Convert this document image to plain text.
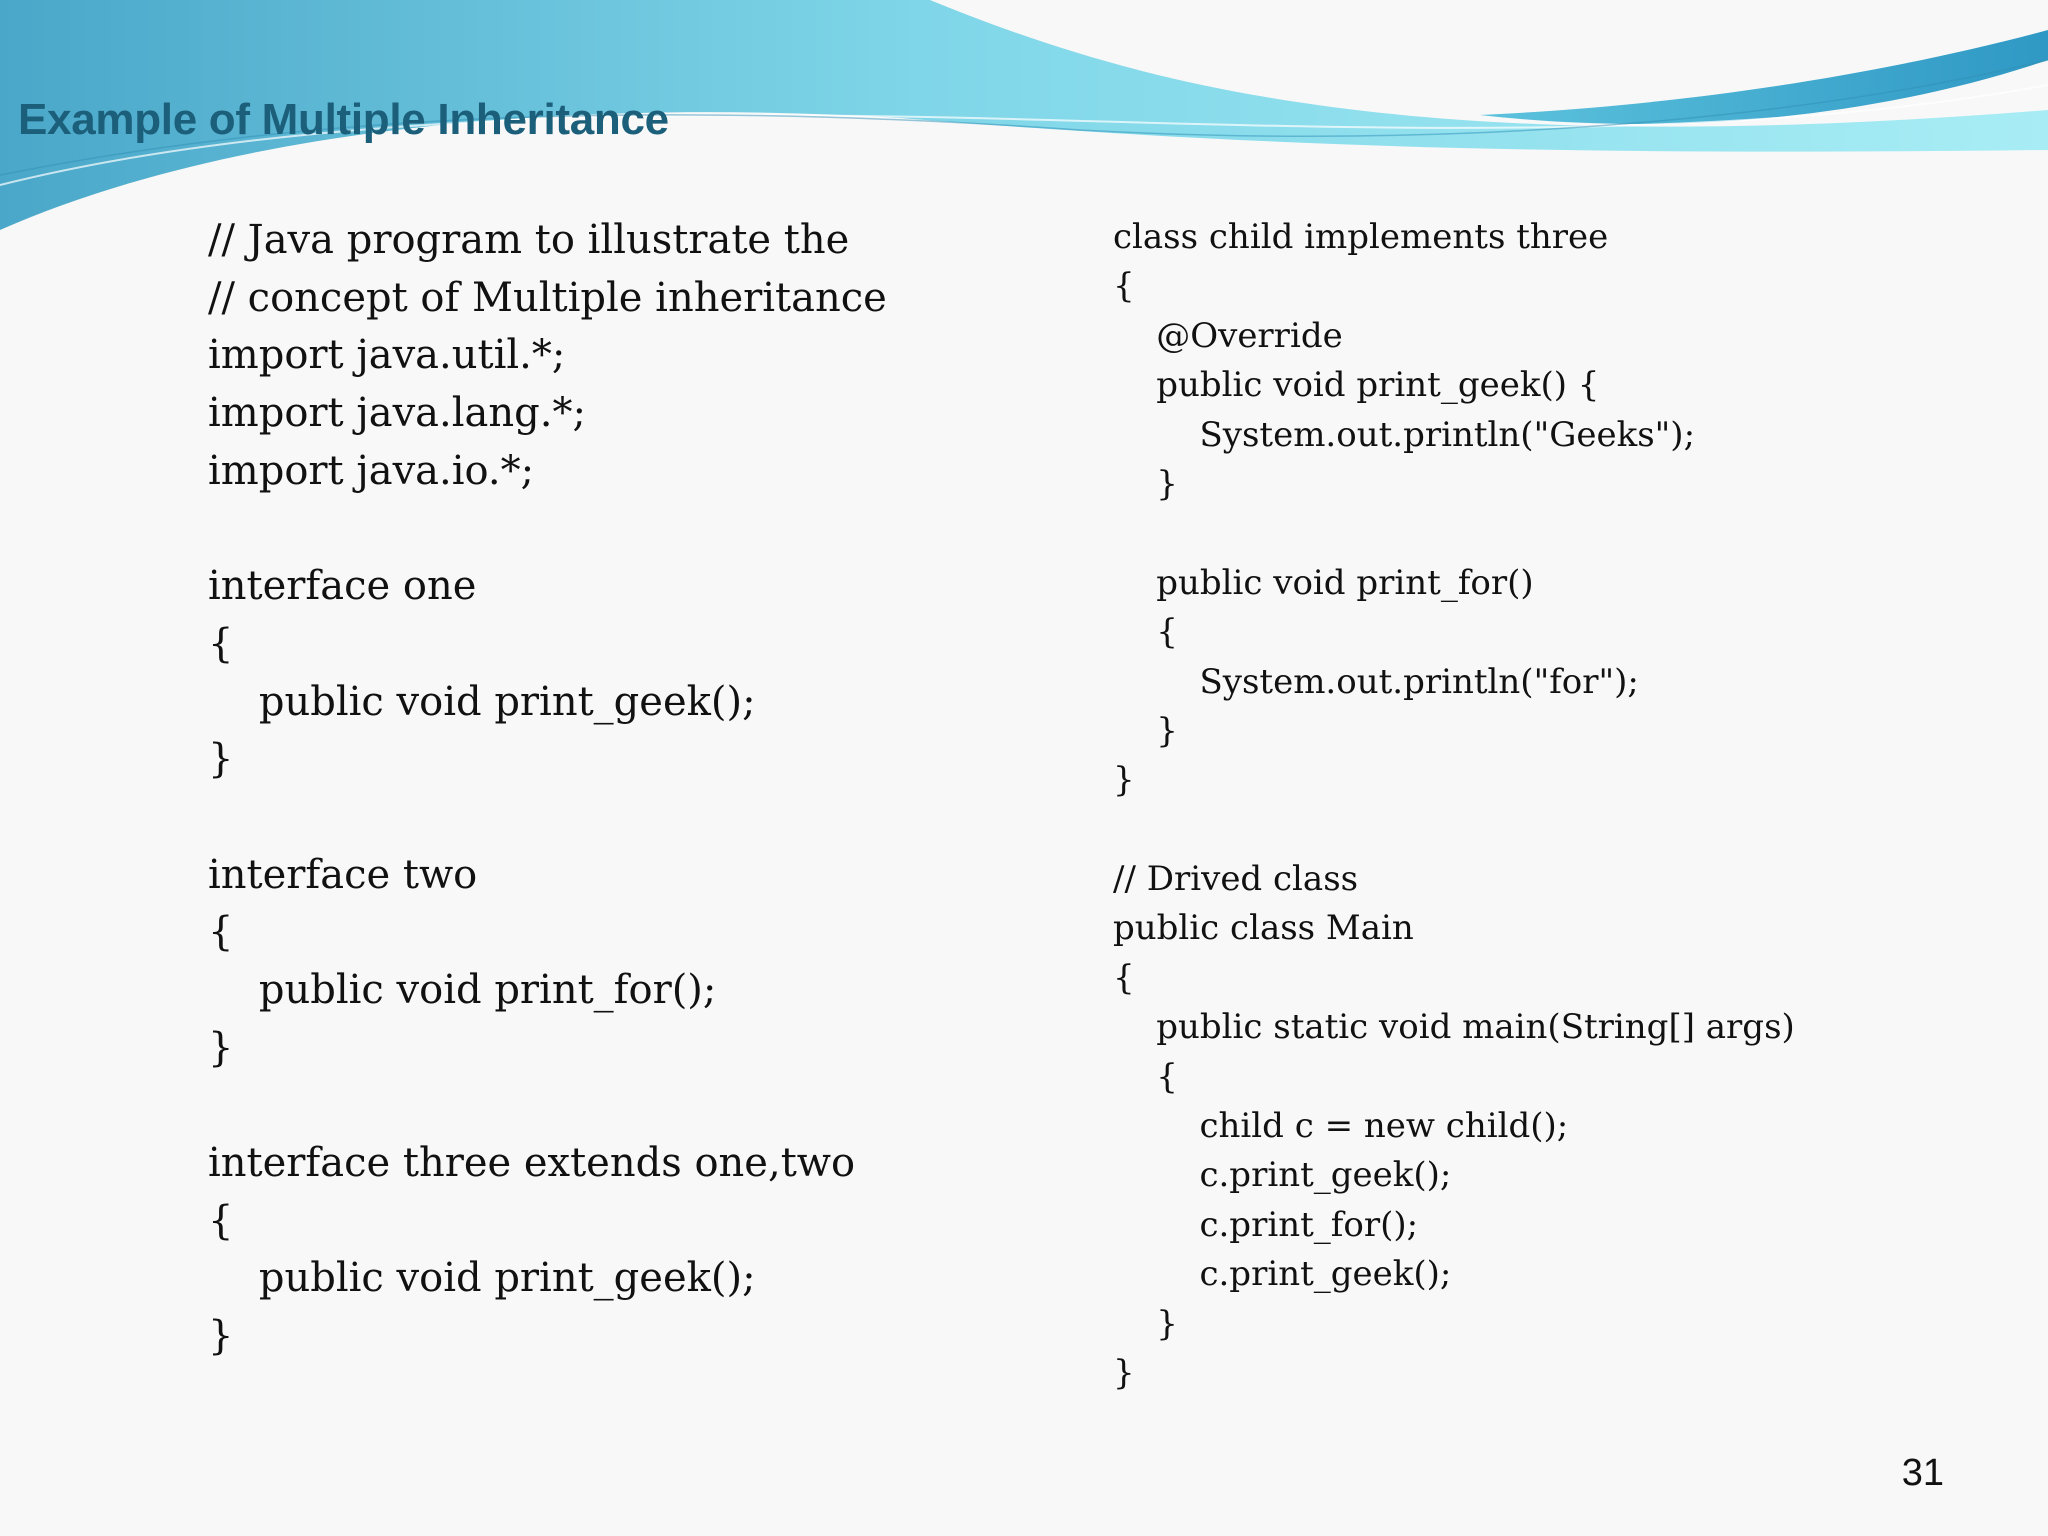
Example of Multiple Inheritance
// Java program to illustrate the
// concept of Multiple inheritance
import java.util.*;
import java.lang.*;
import java.io.*;
interface one
{
public void print_geek();
}
interface two
{
public void print_for();
}
interface three extends one,two
{
public void print_geek();
}
class child implements three
{
@Override
public void print_geek() {
System.out.println("Geeks");
}
public void print_for()
{
System.out.println("for");
}
}
// Drived class
public class Main
{
public static void main(String[] args)
{
child c = new child();
c.print_geek();
c.print_for();
c.print_geek();
}
}
31
